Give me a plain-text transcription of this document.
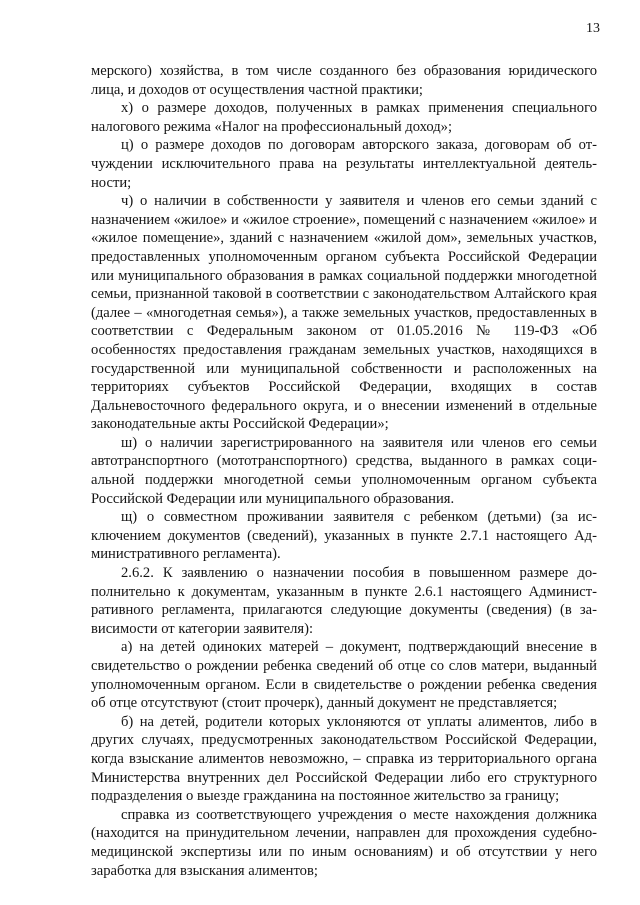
13

мерского) хозяйства, в том числе созданного без образования юридического лица, и доходов от осуществления частной практики;

х) о размере доходов, полученных в рамках применения специального налогового режима «Налог на профессиональный доход»;

ц) о размере доходов по договорам авторского заказа, договорам об отчуждении исключительного права на результаты интеллектуальной деятельности;

ч) о наличии в собственности у заявителя и членов его семьи зданий с назначением «жилое» и «жилое строение», помещений с назначением «жилое» и «жилое помещение», зданий с назначением «жилой дом», земельных участков, предоставленных уполномоченным органом субъекта Российской Федерации или муниципального образования в рамках социальной поддержки многодетной семьи, признанной таковой в соответствии с законодательством Алтайского края (далее – «многодетная семья»), а также земельных участков, предоставленных в соответствии с Федеральным законом от 01.05.2016 № 119-ФЗ «Об особенностях предоставления гражданам земельных участков, находящихся в государственной или муниципальной собственности и расположенных на территориях субъектов Российской Федерации, входящих в состав Дальневосточного федерального округа, и о внесении изменений в отдельные законодательные акты Российской Федерации»;

ш) о наличии зарегистрированного на заявителя или членов его семьи автотранспортного (мототранспортного) средства, выданного в рамках социальной поддержки многодетной семьи уполномоченным органом субъекта Российской Федерации или муниципального образования.

щ) о совместном проживании заявителя с ребенком (детьми) (за исключением документов (сведений), указанных в пункте 2.7.1 настоящего Административного регламента).

2.6.2. К заявлению о назначении пособия в повышенном размере дополнительно к документам, указанным в пункте 2.6.1 настоящего Административного регламента, прилагаются следующие документы (сведения) (в зависимости от категории заявителя):

а) на детей одиноких матерей – документ, подтверждающий внесение в свидетельство о рождении ребенка сведений об отце со слов матери, выданный уполномоченным органом. Если в свидетельстве о рождении ребенка сведения об отце отсутствуют (стоит прочерк), данный документ не представляется;

б) на детей, родители которых уклоняются от уплаты алиментов, либо в других случаях, предусмотренных законодательством Российской Федерации, когда взыскание алиментов невозможно, – справка из территориального органа Министерства внутренних дел Российской Федерации либо его структурного подразделения о выезде гражданина на постоянное жительство за границу;

справка из соответствующего учреждения о месте нахождения должника (находится на принудительном лечении, направлен для прохождения судебно-медицинской экспертизы или по иным основаниям) и об отсутствии у него заработка для взыскания алиментов;
